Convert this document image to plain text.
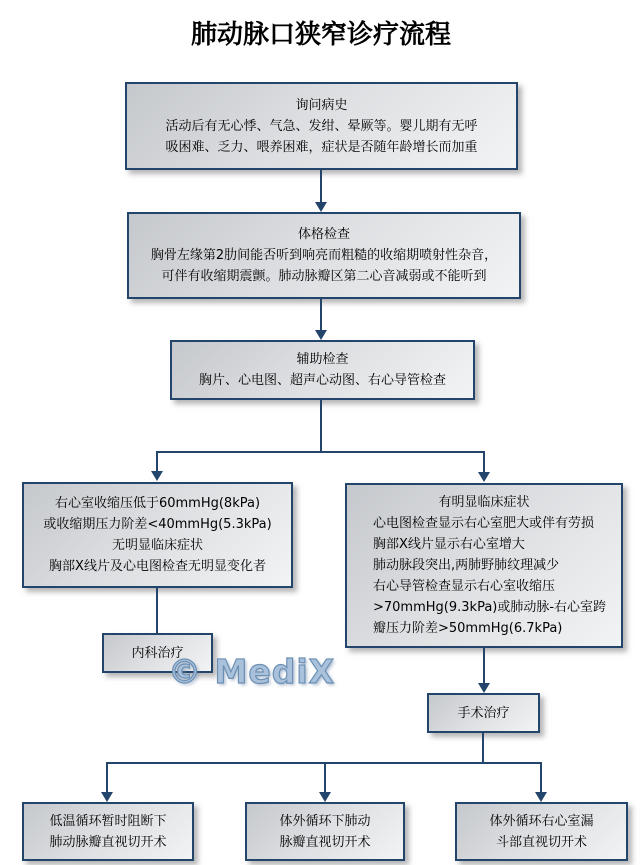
肺动脉口狭窄诊疗流程
询问病史
活动后有无心悸、气急、发绀、晕厥等。婴儿期有无呼
吸困难、乏力、喂养困难，症状是否随年龄增长而加重
体格检查
胸骨左缘第2肋间能否听到响亮而粗糙的收缩期喷射性杂音，
可伴有收缩期震颤。肺动脉瓣区第二心音减弱或不能听到
辅助检查
胸片、心电图、超声心动图、右心导管检查
右心室收缩压低于60mmHg(8kPa)
或收缩期压力阶差<40mmHg(5.3kPa)
无明显临床症状
胸部X线片及心电图检查无明显变化者
有明显临床症状
心电图检查显示右心室肥大或伴有劳损
胸部X线片显示右心室增大
肺动脉段突出,两肺野肺纹理减少
右心导管检查显示右心室收缩压
>70mmHg(9.3kPa)或肺动脉-右心室跨
瓣压力阶差>50mmHg(6.7kPa)
内科治疗
© MediX
手术治疗
低温循环暂时阻断下
肺动脉瓣直视切开术
体外循环下肺动
脉瓣直视切开术
体外循环右心室漏
斗部直视切开术
